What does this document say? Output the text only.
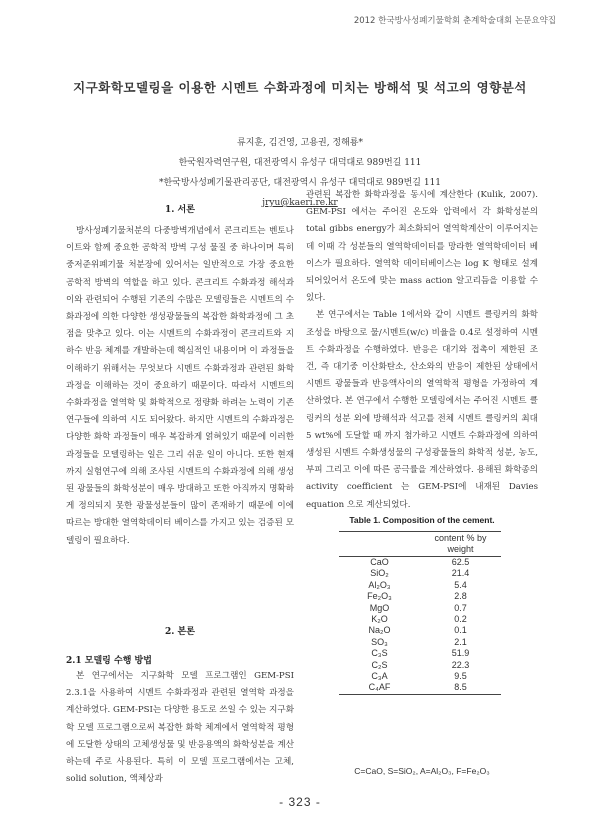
2012 한국방사성폐기물학회 춘계학술대회 논문요약집
지구화학모델링을 이용한 시멘트 수화과정에 미치는 방해석 및 석고의 영향분석
류지훈, 김건영, 고용권, 정해룡*
한국원자력연구원, 대전광역시 유성구 대덕대로 989번길 111
*한국방사성폐기물관리공단, 대전광역시 유성구 대덕대로 989번길 111
jryu@kaeri.re.kr
1. 서론

방사성폐기물처분의 다중방벽개념에서 콘크리트는 벤토나이트와 함께 중요한 공학적 방벽 구성 물질 중 하나이며 특히 중저준위폐기물 처분장에 있어서는 일반적으로 가장 중요한 공학적 방벽의 역할을 하고 있다. 콘크리트 수화과정 해석과 이와 관련되어 수행된 기존의 수많은 모델링들은 시멘트의 수화과정에 의한 다양한 생성광물들의 복잡한 화학과정에 그 초점을 맞추고 있다. 이는 시멘트의 수화과정이 콘크리트와 지하수 반응 체계를 개발하는데 핵심적인 내용이며 이 과정들을 이해하기 위해서는 무엇보다 시멘트 수화과정과 관련된 화학과정을 이해하는 것이 중요하기 때문이다. 따라서 시멘트의 수화과정을 열역학 및 화학적으로 정량화 하려는 노력이 기존 연구들에 의하여 시도 되어왔다. 하지만 시멘트의 수화과정은 다양한 화학 과정들이 매우 복잡하게 얽혀있기 때문에 이러한 과정들을 모델링하는 일은 그리 쉬운 일이 아니다. 또한 현재까지 실험연구에 의해 조사된 시멘트의 수화과정에 의해 생성된 광물들의 화학성분이 매우 방대하고 또한 아직까지 명확하게 정의되지 못한 광물성분들이 많이 존재하기 때문에 이에 따르는 방대한 열역학데이터 베이스를 가지고 있는 검증된 모델링이 필요하다.

2. 본론
2.1 모델링 수행 방법

본 연구에서는 지구화학 모델 프로그램인 GEM-PSI 2.3.1을 사용하여 시멘트 수화과정과 관련된 열역학 과정을 계산하였다. GEM-PSI는 다양한 용도로 쓰일 수 있는 지구화학 모델 프로그램으로써 복잡한 화학 체계에서 열역학적 평형에 도달한 상태의 고체생성물 및 반응용액의 화학성분을 계산하는데 주로 사용된다. 특히 이 모델 프로그램에서는 고체, solid solution, 액체상과

관련된 복잡한 화학과정을 동시에 계산한다 (Kulik, 2007). GEM-PSI 에서는 주어진 온도와 압력에서 각 화학성분의 total gibbs energy가 최소화되어 열역학계산이 이루어지는데 이때 각 성분들의 열역학데이터를 망라한 열역학데이터 베이스가 필요하다. 열역학 데이터베이스는 log K 형태로 설계되어있어서 온도에 맞는 mass action 알고리듬을 이용할 수 있다.

본 연구에서는 Table 1에서와 같이 시멘트 클링커의 화학조성을 바탕으로 물/시멘트(w/c) 비율을 0.4로 설정하여 시멘트 수화과정을 수행하였다. 반응은 대기와 접촉이 제한된 조건, 즉 대기중 이산화탄소, 산소와의 반응이 제한된 상태에서 시멘트 광물들과 반응액사이의 열역학적 평형을 가정하여 계산하였다. 본 연구에서 수행한 모델링에서는 주어진 시멘트 클링커의 성분 외에 방해석과 석고를 전체 시멘트 클링커의 최대 5 wt%에 도달할 때 까지 첨가하고 시멘트 수화과정에 의하여 생성된 시멘트 수화생성물의 구성광물들의 화학적 성분, 농도, 부피 그리고 이에 따른 공극률을 계산하였다. 용해된 화학종의 activity coefficient 는 GEM-PSI에 내재된 Davies equation 으로 계산되었다.

Table 1. Composition of the cement.
	content % by weight
CaO	62.5
SiO₂	21.4
Al₂O₃	5.4
Fe₂O₃	2.8
MgO	0.7
K₂O	0.2
Na₂O	0.1
SO₃	2.1
C₃S	51.9
C₂S	22.3
C₃A	9.5
C₄AF	8.5
C=CaO, S=SiO₂, A=Al₂O₃, F=Fe₂O₃
- 323 -
